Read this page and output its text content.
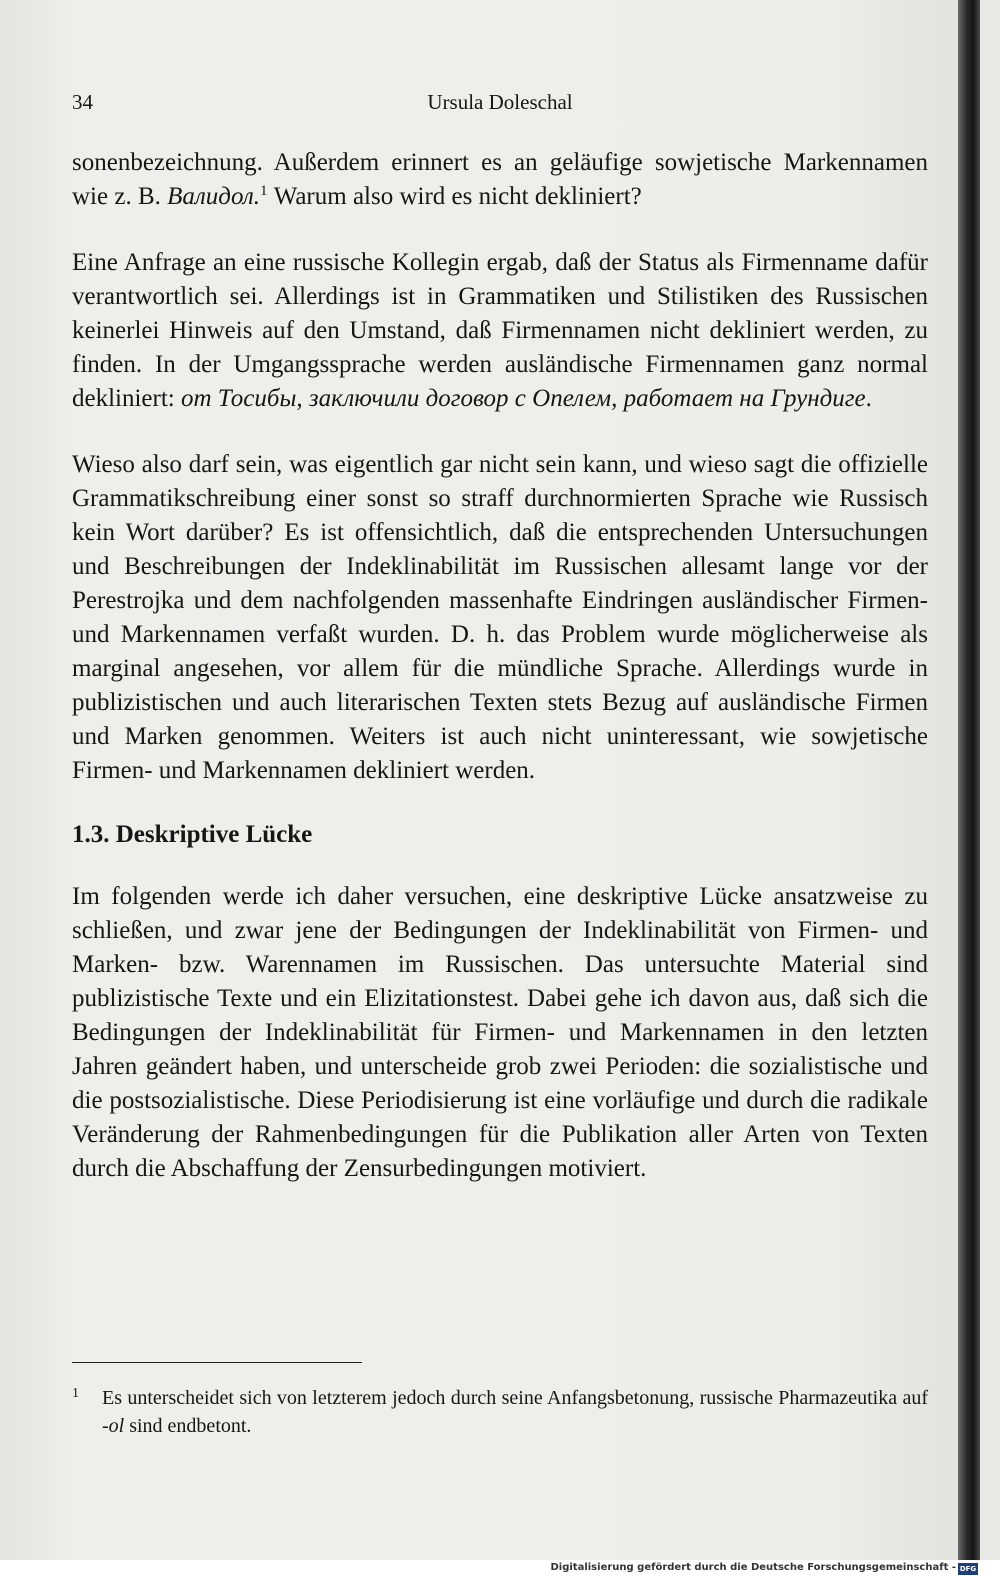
34	Ursula Doleschal

sonenbezeichnung. Außerdem erinnert es an geläufige sowjetische Markennamen wie z. B. Валидол.$^1$ Warum also wird es nicht dekliniert?

Eine Anfrage an eine russische Kollegin ergab, daß der Status als Firmenname dafür verantwortlich sei. Allerdings ist in Grammatiken und Stilistiken des Russischen keinerlei Hinweis auf den Umstand, daß Firmennamen nicht dekliniert werden, zu finden. In der Umgangssprache werden ausländische Firmennamen ganz normal dekliniert: от Тосибы, заключили договор с Опелем, работает на Грундиге.

Wieso also darf sein, was eigentlich gar nicht sein kann, und wieso sagt die offizielle Grammatikschreibung einer sonst so straff durchnormierten Sprache wie Russisch kein Wort darüber? Es ist offensichtlich, daß die entsprechenden Untersuchungen und Beschreibungen der Indeklinabilität im Russischen allesamt lange vor der Perestrojka und dem nachfolgenden massenhafte Eindringen ausländischer Firmen- und Markennamen verfaßt wurden. D. h. das Problem wurde möglicherweise als marginal angesehen, vor allem für die mündliche Sprache. Allerdings wurde in publizistischen und auch literarischen Texten stets Bezug auf ausländische Firmen und Marken genommen. Weiters ist auch nicht uninteressant, wie sowjetische Firmen- und Markennamen dekliniert werden.

1.3. Deskriptive Lücke

Im folgenden werde ich daher versuchen, eine deskriptive Lücke ansatzweise zu schließen, und zwar jene der Bedingungen der Indeklinabilität von Firmen- und Marken- bzw. Warennamen im Russischen. Das untersuchte Material sind publizistische Texte und ein Elizitationstest. Dabei gehe ich davon aus, daß sich die Bedingungen der Indeklinabilität für Firmen- und Markennamen in den letzten Jahren geändert haben, und unterscheide grob zwei Perioden: die sozialistische und die postsozialistische. Diese Periodisierung ist eine vorläufige und durch die radikale Veränderung der Rahmenbedingungen für die Publikation aller Arten von Texten durch die Abschaffung der Zensurbedingungen motiviert.

1 Es unterscheidet sich von letzterem jedoch durch seine Anfangsbetonung, russische Pharmazeutika auf -ol sind endbetont.
Digitalisierung gefördert durch die Deutsche Forschungsgemeinschaft - DFG
